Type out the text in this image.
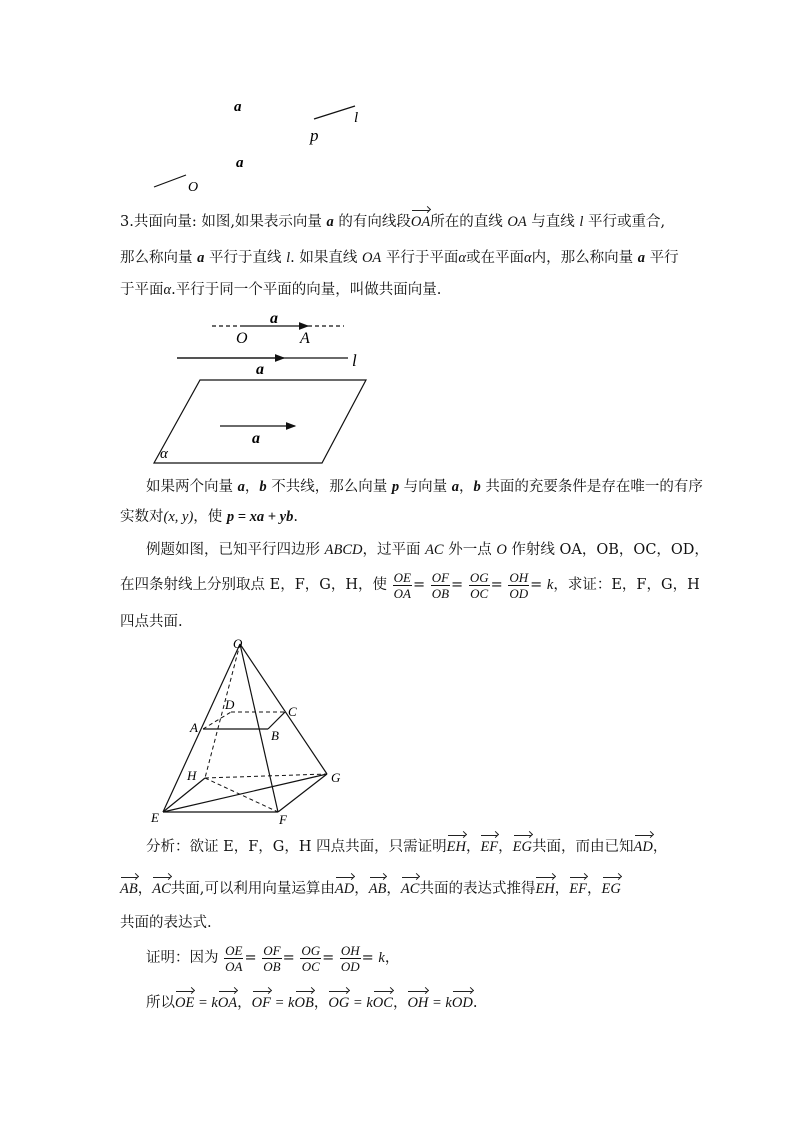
a
l
p
a
O
3.共面向量: 如图,如果表示向量 a 的有向线段OA所在的直线 OA 与直线 l 平行或重合,
那么称向量 a 平行于直线 l. 如果直线 OA 平行于平面α或在平面α内，那么称向量 a 平行
于平面α.平行于同一个平面的向量，叫做共面向量.
a
O	A
a	l
a
α
如果两个向量 a，b 不共线，那么向量 p 与向量 a，b 共面的充要条件是存在唯一的有序
实数对(x, y)，使 p = xa + yb.
例题如图，已知平行四边形 ABCD，过平面 AC 外一点 O 作射线 OA，OB，OC，OD，
在四条射线上分别取点 E，F，G，H，使 $\frac{OE}{OA} = \frac{OF}{OB} = \frac{OG}{OC} = \frac{OH}{OD} = k$，求证：E，F，G，H
四点共面.
O
D	C
A
B
H	G
E	F
分析：欲证 E，F，G，H 四点共面，只需证明EH，EF，EG共面，而由已知AD，
AB，AC共面,可以利用向量运算由AD，AB，AC共面的表达式推得EH，EF，EG
共面的表达式.
证明：因为 $\frac{OE}{OA} = \frac{OF}{OB} = \frac{OG}{OC} = \frac{OH}{OD} = k$，
所以OE = kOA，OF = kOB，OG = kOC，OH = kOD.
